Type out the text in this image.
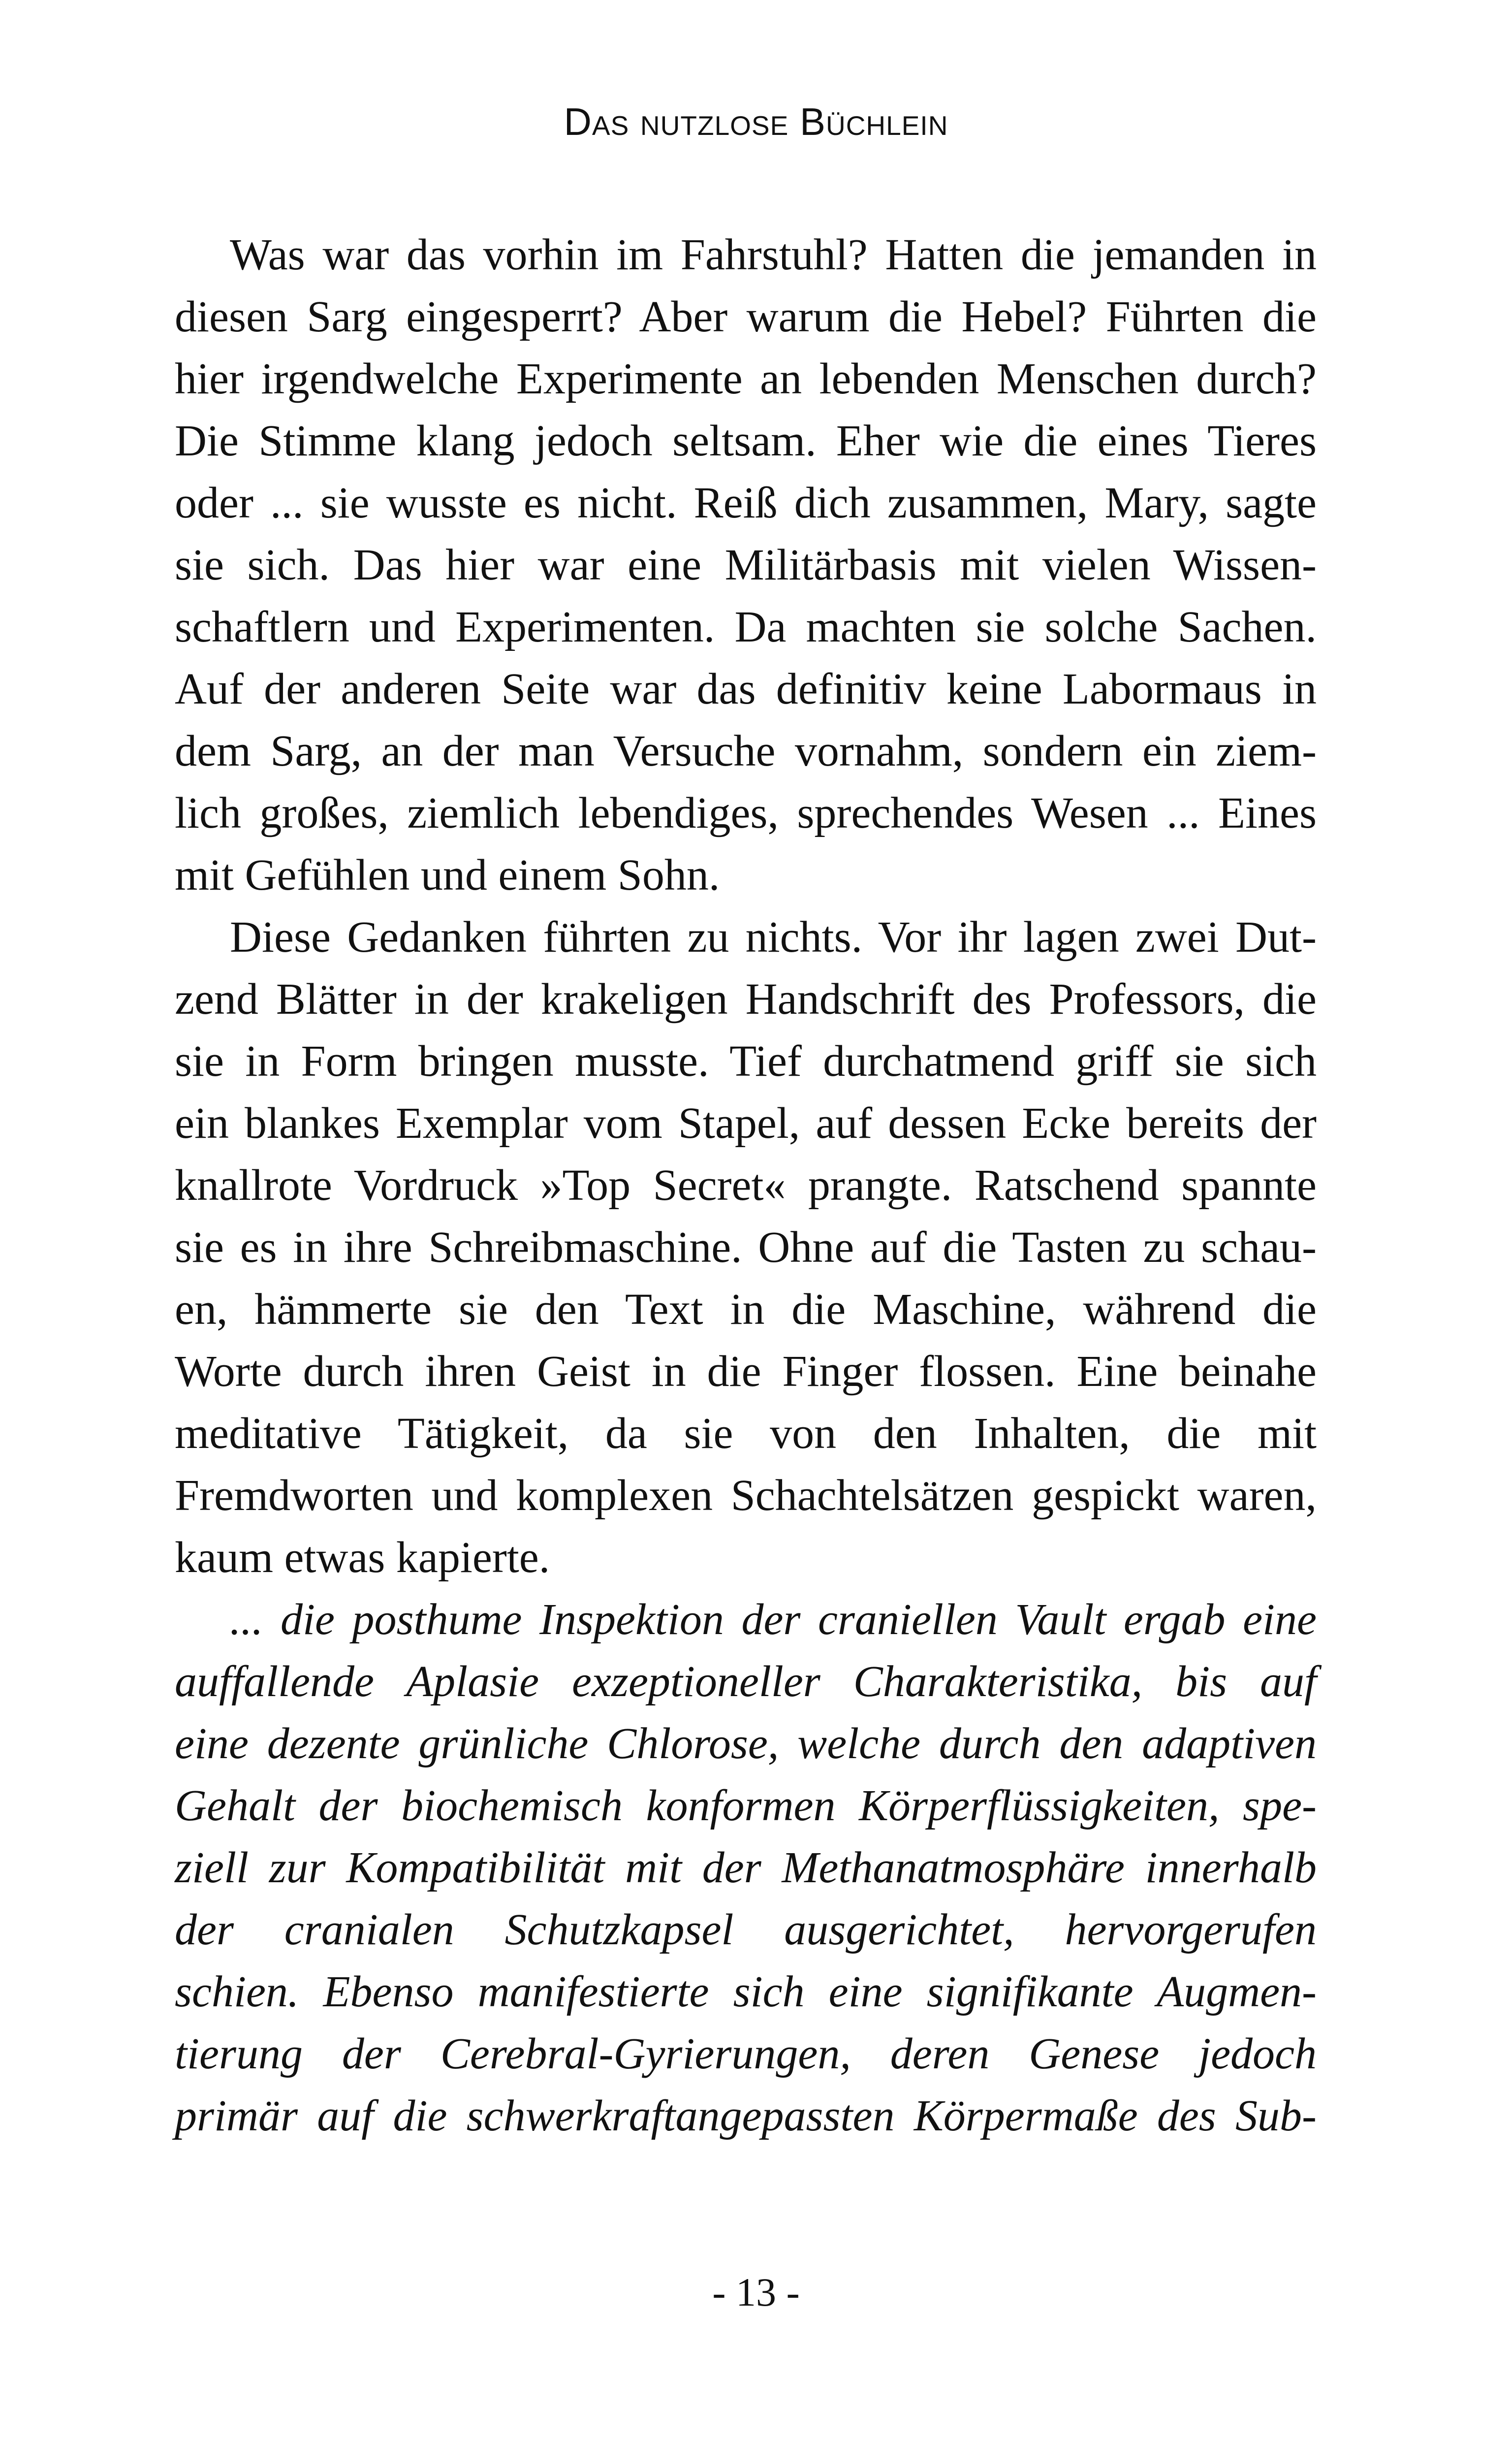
Das nutzlose Büchlein
Was war das vorhin im Fahrstuhl? Hatten die jemanden in
diesen Sarg eingesperrt? Aber warum die Hebel? Führten die
hier irgendwelche Experimente an lebenden Menschen durch?
Die Stimme klang jedoch seltsam. Eher wie die eines Tieres
oder ... sie wusste es nicht. Reiß dich zusammen, Mary, sagte
sie sich. Das hier war eine Militärbasis mit vielen Wissen-
schaftlern und Experimenten. Da machten sie solche Sachen.
Auf der anderen Seite war das definitiv keine Labormaus in
dem Sarg, an der man Versuche vornahm, sondern ein ziem-
lich großes, ziemlich lebendiges, sprechendes Wesen ... Eines
mit Gefühlen und einem Sohn.
Diese Gedanken führten zu nichts. Vor ihr lagen zwei Dut-
zend Blätter in der krakeligen Handschrift des Professors, die
sie in Form bringen musste. Tief durchatmend griff sie sich
ein blankes Exemplar vom Stapel, auf dessen Ecke bereits der
knallrote Vordruck »Top Secret« prangte. Ratschend spannte
sie es in ihre Schreibmaschine. Ohne auf die Tasten zu schau-
en, hämmerte sie den Text in die Maschine, während die
Worte durch ihren Geist in die Finger flossen. Eine beinahe
meditative Tätigkeit, da sie von den Inhalten, die mit
Fremdworten und komplexen Schachtelsätzen gespickt waren,
kaum etwas kapierte.
... die posthume Inspektion der craniellen Vault ergab eine
auffallende Aplasie exzeptioneller Charakteristika, bis auf
eine dezente grünliche Chlorose, welche durch den adaptiven
Gehalt der biochemisch konformen Körperflüssigkeiten, spe-
ziell zur Kompatibilität mit der Methanatmosphäre innerhalb
der cranialen Schutzkapsel ausgerichtet, hervorgerufen
schien. Ebenso manifestierte sich eine signifikante Augmen-
tierung der Cerebral-Gyrierungen, deren Genese jedoch
primär auf die schwerkraftangepassten Körpermaße des Sub-
- 13 -
